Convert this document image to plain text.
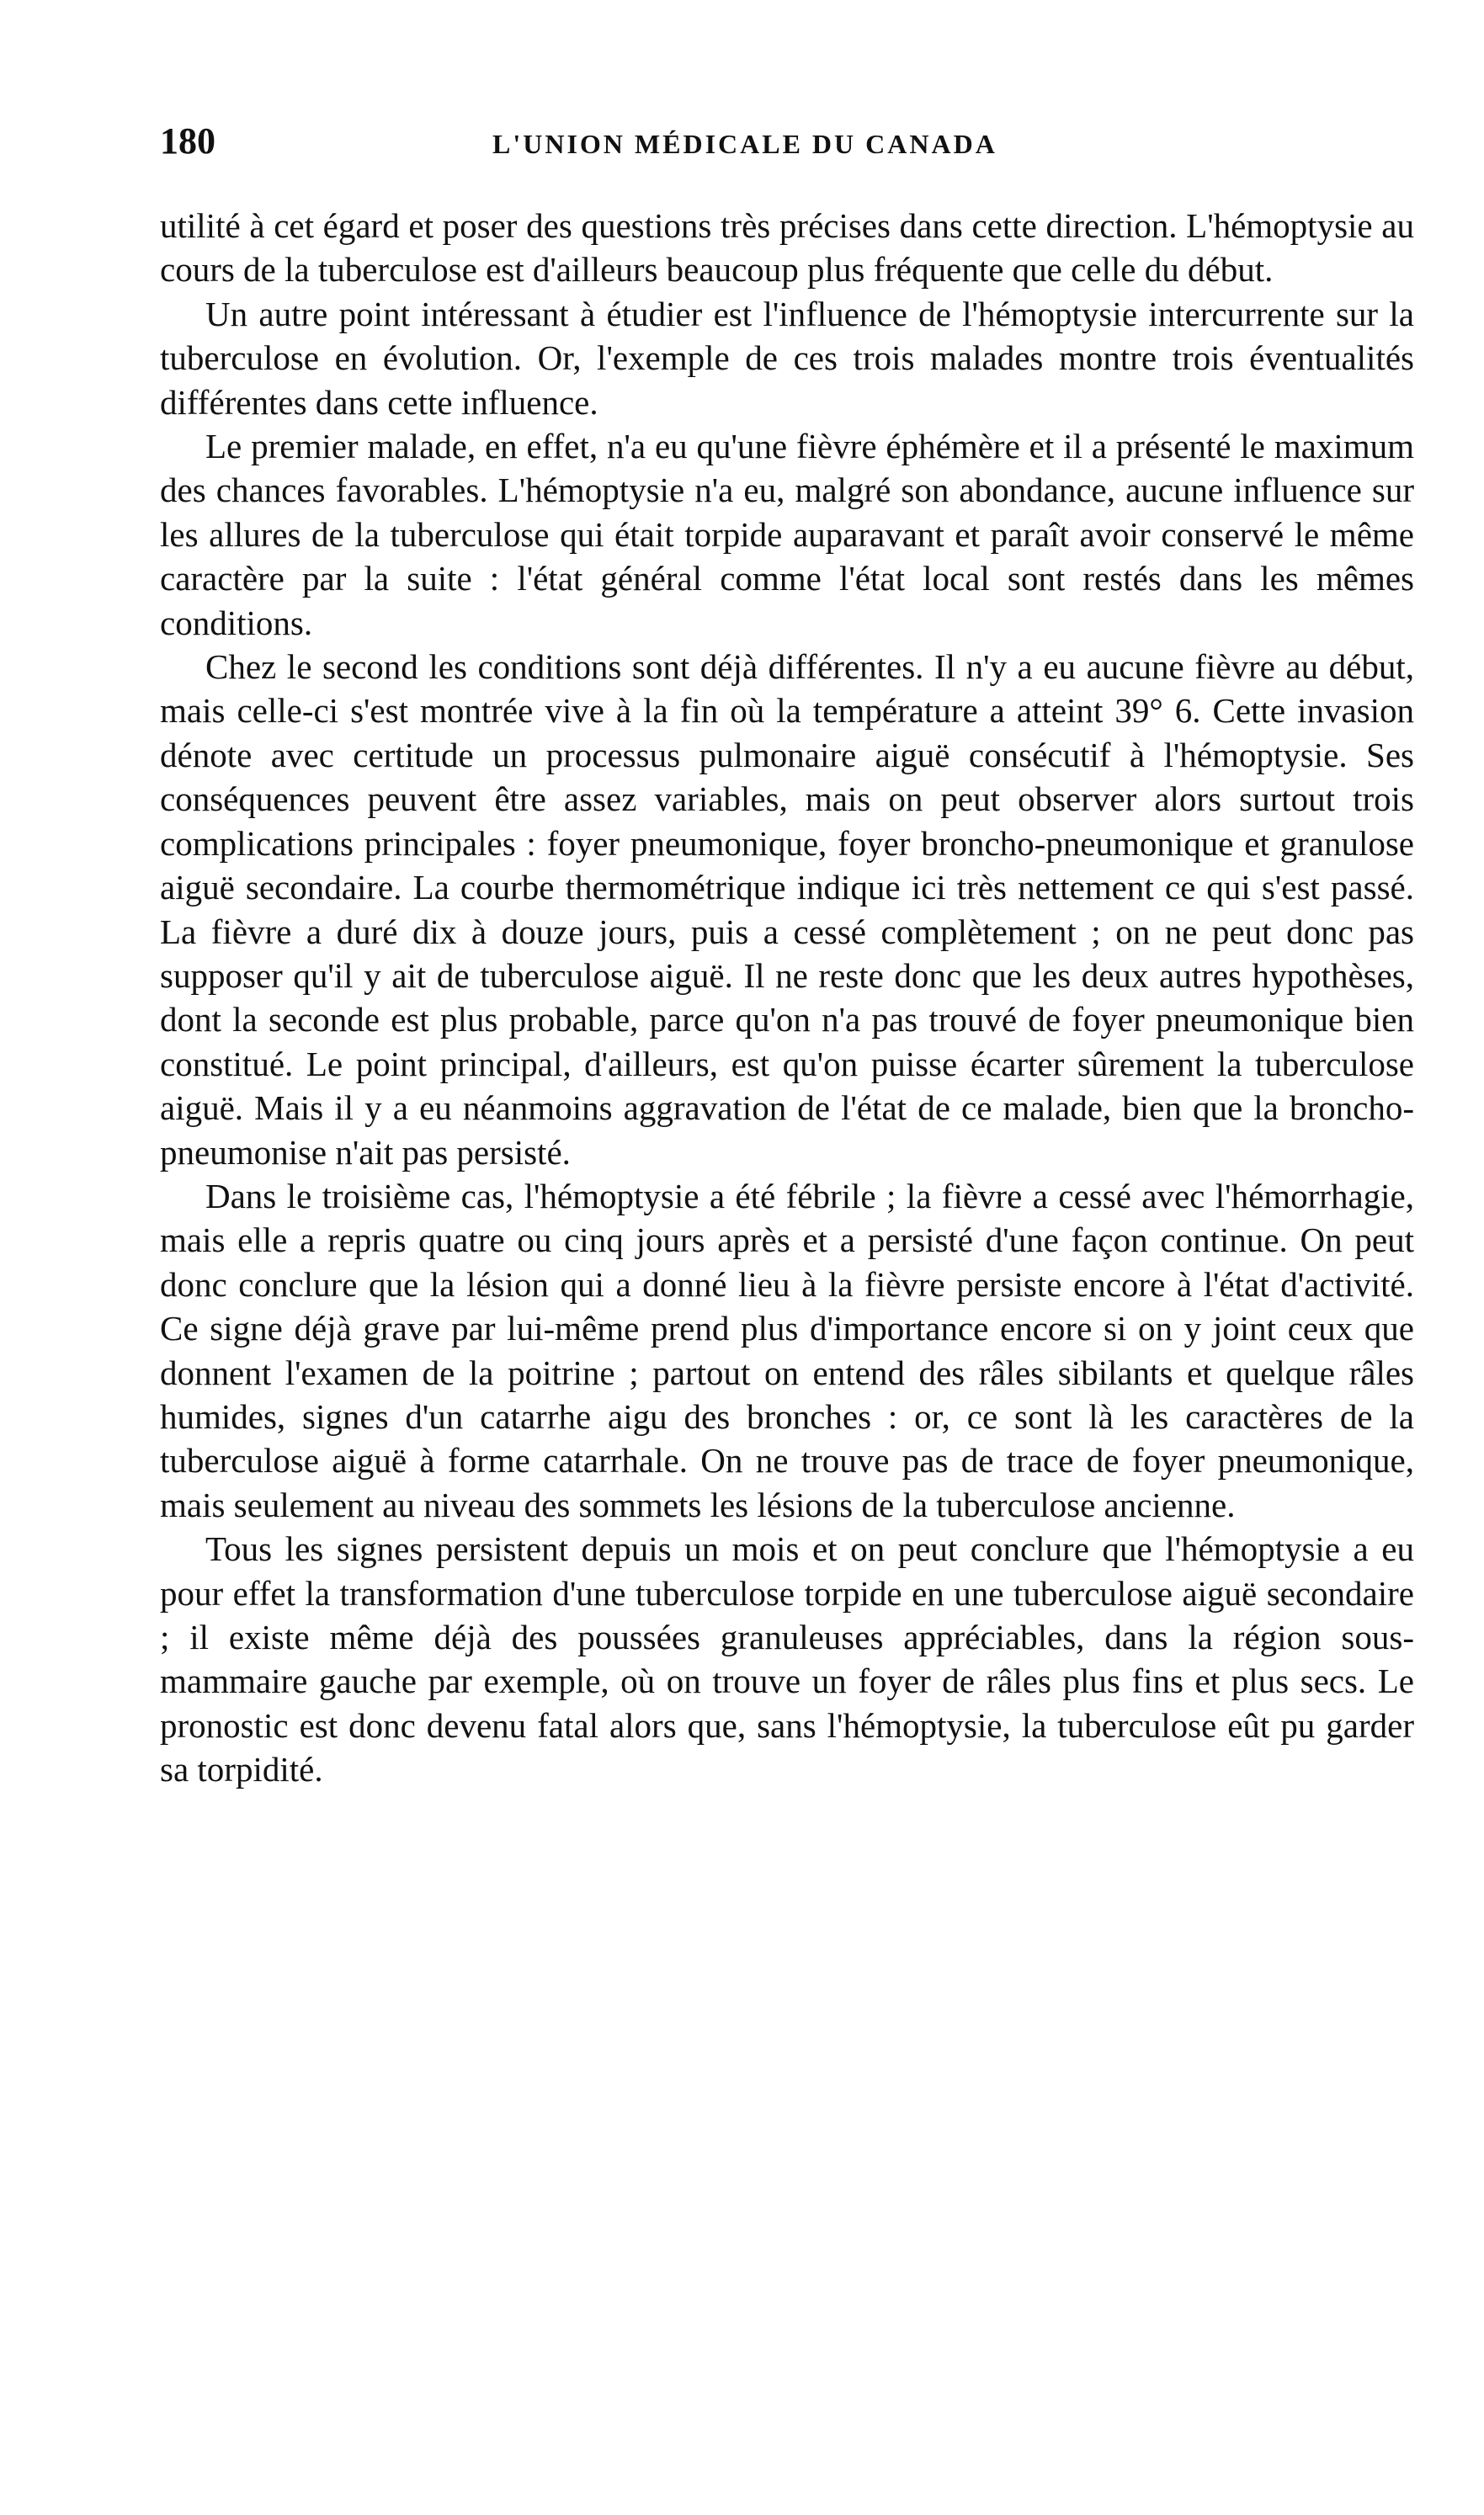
180	L'UNION MÉDICALE DU CANADA

utilité à cet égard et poser des questions très précises dans cette direction. L'hémoptysie au cours de la tuberculose est d'ailleurs beaucoup plus fréquente que celle du début.

Un autre point intéressant à étudier est l'influence de l'hémoptysie intercurrente sur la tuberculose en évolution. Or, l'exemple de ces trois malades montre trois éventualités différentes dans cette influence.

Le premier malade, en effet, n'a eu qu'une fièvre éphémère et il a présenté le maximum des chances favorables. L'hémoptysie n'a eu, malgré son abondance, aucune influence sur les allures de la tuberculose qui était torpide auparavant et paraît avoir conservé le même caractère par la suite : l'état général comme l'état local sont restés dans les mêmes conditions.

Chez le second les conditions sont déjà différentes. Il n'y a eu aucune fièvre au début, mais celle-ci s'est montrée vive à la fin où la température a atteint 39° 6. Cette invasion dénote avec certitude un processus pulmonaire aiguë consécutif à l'hémoptysie. Ses conséquences peuvent être assez variables, mais on peut observer alors surtout trois complications principales : foyer pneumonique, foyer broncho-pneumonique et granulose aiguë secondaire. La courbe thermométrique indique ici très nettement ce qui s'est passé. La fièvre a duré dix à douze jours, puis a cessé complètement ; on ne peut donc pas supposer qu'il y ait de tuberculose aiguë. Il ne reste donc que les deux autres hypothèses, dont la seconde est plus probable, parce qu'on n'a pas trouvé de foyer pneumonique bien constitué. Le point principal, d'ailleurs, est qu'on puisse écarter sûrement la tuberculose aiguë. Mais il y a eu néanmoins aggravation de l'état de ce malade, bien que la broncho-pneumonise n'ait pas persisté.

Dans le troisième cas, l'hémoptysie a été fébrile ; la fièvre a cessé avec l'hémorrhagie, mais elle a repris quatre ou cinq jours après et a persisté d'une façon continue. On peut donc conclure que la lésion qui a donné lieu à la fièvre persiste encore à l'état d'activité. Ce signe déjà grave par lui-même prend plus d'importance encore si on y joint ceux que donnent l'examen de la poitrine ; partout on entend des râles sibilants et quelque râles humides, signes d'un catarrhe aigu des bronches : or, ce sont là les caractères de la tuberculose aiguë à forme catarrhale. On ne trouve pas de trace de foyer pneumonique, mais seulement au niveau des sommets les lésions de la tuberculose ancienne.

Tous les signes persistent depuis un mois et on peut conclure que l'hémoptysie a eu pour effet la transformation d'une tuberculose torpide en une tuberculose aiguë secondaire ; il existe même déjà des poussées granuleuses appréciables, dans la région sous-mammaire gauche par exemple, où on trouve un foyer de râles plus fins et plus secs. Le pronostic est donc devenu fatal alors que, sans l'hémoptysie, la tuberculose eût pu garder sa torpidité.
